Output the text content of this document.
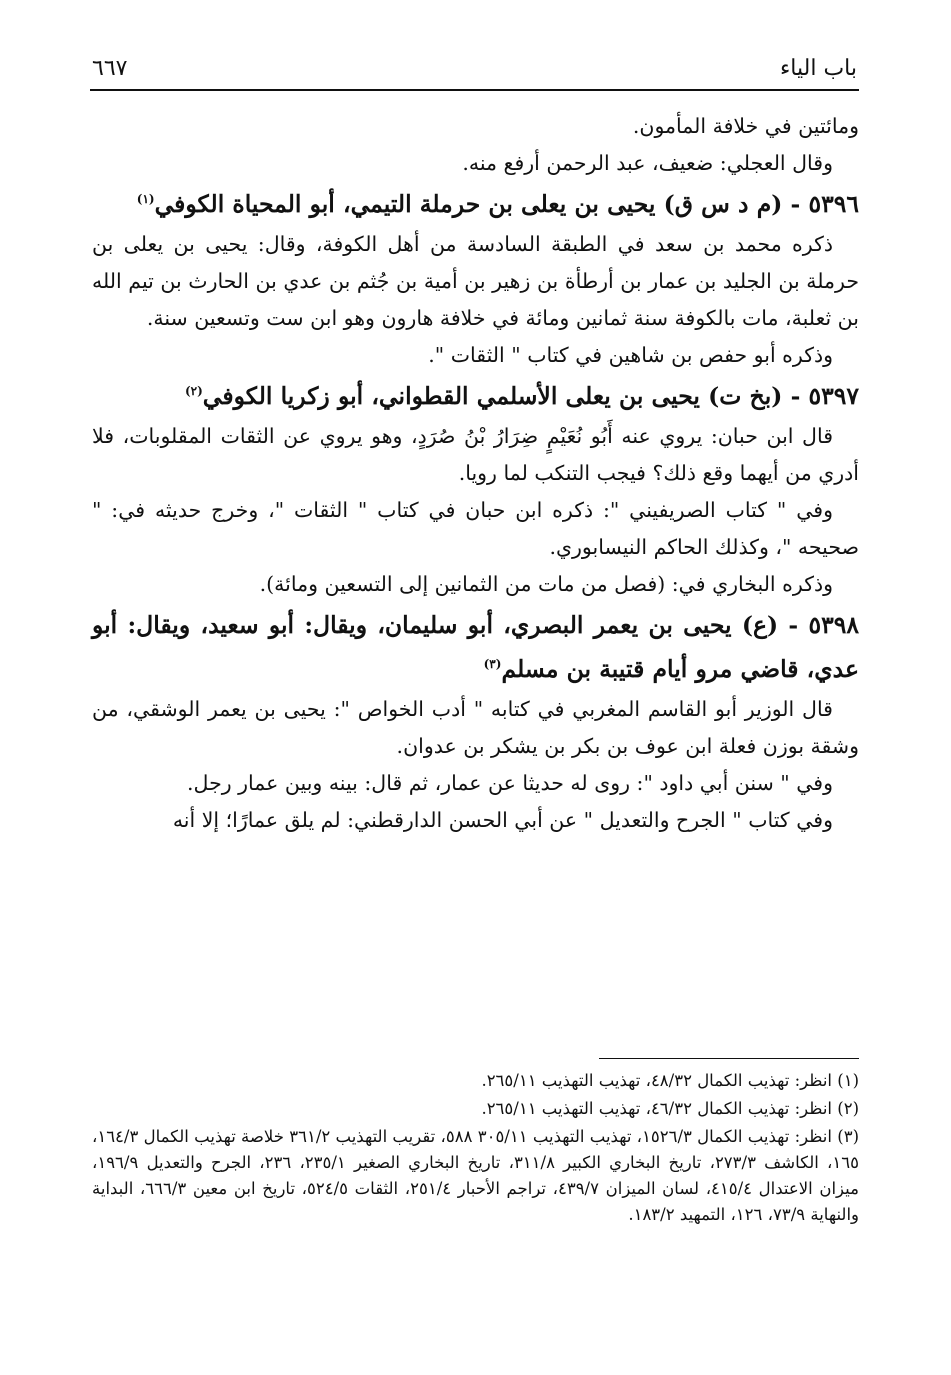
باب الياء
٦٦٧

ومائتين في خلافة المأمون.

وقال العجلي: ضعيف، عبد الرحمن أرفع منه.

٥٣٩٦ - (م د س ق) يحيى بن يعلى بن حرملة التيمي، أبو المحياة الكوفي$^{(١)}$

ذكره محمد بن سعد في الطبقة السادسة من أهل الكوفة، وقال: يحيى بن يعلى بن حرملة بن الجليد بن عمار بن أرطأة بن زهير بن أمية بن جُثم بن عدي بن الحارث بن تيم الله بن ثعلبة، مات بالكوفة سنة ثمانين ومائة في خلافة هارون وهو ابن ست وتسعين سنة.

وذكره أبو حفص بن شاهين في كتاب " الثقات ".

٥٣٩٧ - (بخ ت) يحيى بن يعلى الأسلمي القطواني، أبو زكريا الكوفي$^{(٢)}$

قال ابن حبان: يروي عنه أَبُو نُعَيْمٍ ضِرَارُ بْنُ صُرَدٍ، وهو يروي عن الثقات المقلوبات، فلا أدري من أيهما وقع ذلك؟ فيجب التنكب لما رويا.

وفي " كتاب الصريفيني ": ذكره ابن حبان في كتاب " الثقات "، وخرج حديثه في: " صحيحه "، وكذلك الحاكم النيسابوري.

وذكره البخاري في: (فصل من مات من الثمانين إلى التسعين ومائة).

٥٣٩٨ - (ع) يحيى بن يعمر البصري، أبو سليمان، ويقال: أبو سعيد، ويقال: أبو عدي، قاضي مرو أيام قتيبة بن مسلم$^{(٣)}$

قال الوزير أبو القاسم المغربي في كتابه " أدب الخواص ": يحيى بن يعمر الوشقي، من وشقة بوزن فعلة ابن عوف بن بكر بن يشكر بن عدوان.

وفي " سنن أبي داود ": روى له حديثا عن عمار، ثم قال: بينه وبين عمار رجل.

وفي كتاب " الجرح والتعديل " عن أبي الحسن الدارقطني: لم يلق عمارًا؛ إلا أنه

(١) انظر: تهذيب الكمال ٤٨/٣٢، تهذيب التهذيب ٢٦٥/١١.

(٢) انظر: تهذيب الكمال ٤٦/٣٢، تهذيب التهذيب ٢٦٥/١١.

(٣) انظر: تهذيب الكمال ١٥٢٦/٣، تهذيب التهذيب ٣٠٥/١١ ٥٨٨، تقريب التهذيب ٣٦١/٢ خلاصة تهذيب الكمال ١٦٤/٣، ١٦٥، الكاشف ٢٧٣/٣، تاريخ البخاري الكبير ٣١١/٨، تاريخ البخاري الصغير ٢٣٥/١، ٢٣٦، الجرح والتعديل ١٩٦/٩، ميزان الاعتدال ٤١٥/٤، لسان الميزان ٤٣٩/٧، تراجم الأحبار ٢٥١/٤، الثقات ٥٢٤/٥، تاريخ ابن معين ٦٦٦/٣، البداية والنهاية ٧٣/٩، ١٢٦، التمهيد ١٨٣/٢.
